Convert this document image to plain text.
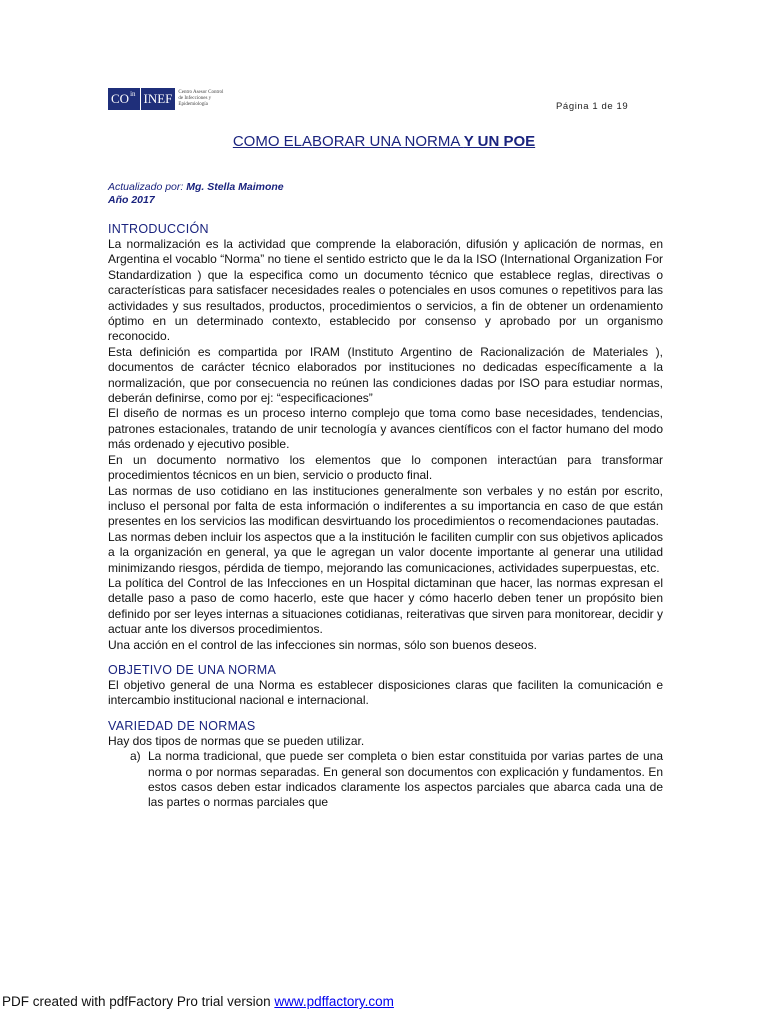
CO in INEF Centro Asesor Control de Infecciones y Epidemiología	Página 1 de 19
COMO ELABORAR UNA NORMA Y UN POE
Actualizado por: Mg. Stella Maimone
Año 2017
INTRODUCCIÓN

La normalización es la actividad que comprende la elaboración, difusión y aplicación de normas, en Argentina el vocablo “Norma” no tiene el sentido estricto que le da la ISO (International Organization For Standardization ) que la especifica como un documento técnico que establece reglas, directivas o características para satisfacer necesidades reales o potenciales en usos comunes o repetitivos para las actividades y sus resultados, productos, procedimientos o servicios, a fin de obtener un ordenamiento óptimo en un determinado contexto, establecido por consenso y aprobado por un organismo reconocido.

Esta definición es compartida por IRAM (Instituto Argentino de Racionalización de Materiales ), documentos de carácter técnico elaborados por instituciones no dedicadas específicamente a la normalización, que por consecuencia no reúnen las condiciones dadas por ISO para estudiar normas, deberán definirse, como por ej: “especificaciones”

El diseño de normas es un proceso interno complejo que toma como base necesidades, tendencias, patrones estacionales, tratando de unir tecnología y avances científicos con el factor humano del modo más ordenado y ejecutivo posible.

En un documento normativo los elementos que lo componen interactúan para transformar procedimientos técnicos en un bien, servicio o producto final.

Las normas de uso cotidiano en las instituciones generalmente son verbales y no están por escrito, incluso el personal por falta de esta información o indiferentes a su importancia en caso de que están presentes en los servicios las modifican desvirtuando los procedimientos o recomendaciones pautadas.

Las normas deben incluir los aspectos que a la institución le faciliten cumplir con sus objetivos aplicados a la organización en general, ya que le agregan un valor docente importante al generar una utilidad minimizando riesgos, pérdida de tiempo, mejorando las comunicaciones, actividades superpuestas, etc.

La política del Control de las Infecciones en un Hospital dictaminan que hacer, las normas expresan el detalle paso a paso de como hacerlo, este que hacer y cómo hacerlo deben tener un propósito bien definido por ser leyes internas a situaciones cotidianas, reiterativas que sirven para monitorear, decidir y actuar ante los diversos procedimientos.

Una acción en el control de las infecciones sin normas, sólo son buenos deseos.

OBJETIVO DE UNA NORMA

El objetivo general de una Norma es establecer disposiciones claras que faciliten la comunicación e intercambio institucional nacional e internacional.

VARIEDAD DE NORMAS

Hay dos tipos de normas que se pueden utilizar.

a) La norma tradicional, que puede ser completa o bien estar constituida por varias partes de una norma o por normas separadas. En general son documentos con explicación y fundamentos. En estos casos deben estar indicados claramente los aspectos parciales que abarca cada una de las partes o normas parciales que
PDF created with pdfFactory Pro trial version www.pdffactory.com
